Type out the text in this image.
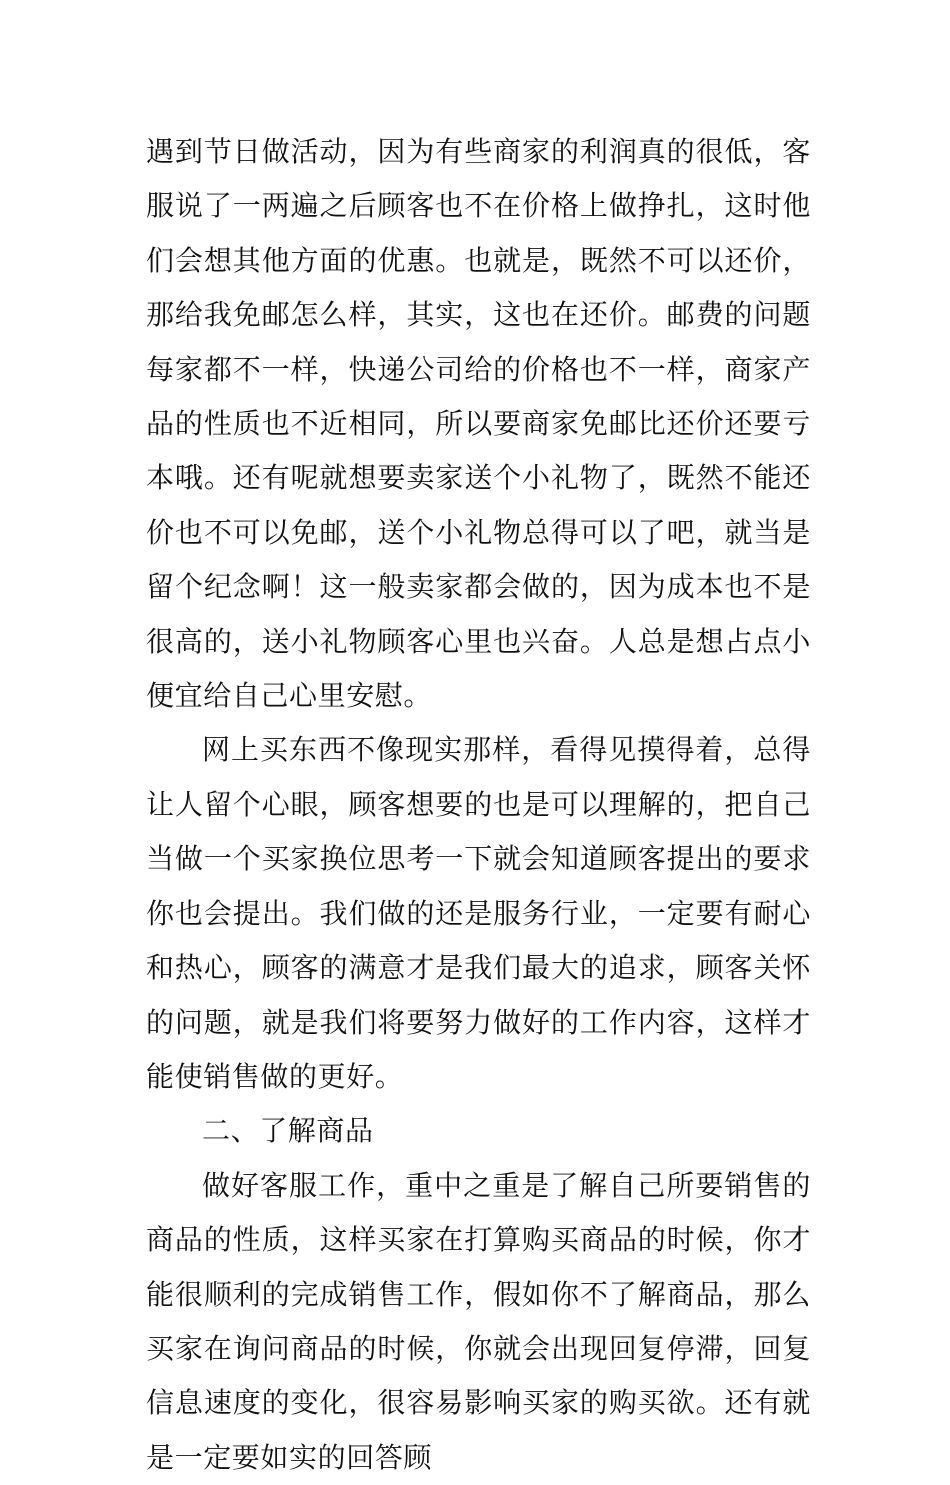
遇到节日做活动，因为有些商家的利润真的很低，客服说了一两遍之后顾客也不在价格上做挣扎，这时他们会想其他方面的优惠。也就是，既然不可以还价，那给我免邮怎么样，其实，这也在还价。邮费的问题每家都不一样，快递公司给的价格也不一样，商家产品的性质也不近相同，所以要商家免邮比还价还要亏本哦。还有呢就想要卖家送个小礼物了，既然不能还价也不可以免邮，送个小礼物总得可以了吧，就当是留个纪念啊！这一般卖家都会做的，因为成本也不是很高的，送小礼物顾客心里也兴奋。人总是想占点小便宜给自己心里安慰。

网上买东西不像现实那样，看得见摸得着，总得让人留个心眼，顾客想要的也是可以理解的，把自己当做一个买家换位思考一下就会知道顾客提出的要求你也会提出。我们做的还是服务行业，一定要有耐心和热心，顾客的满意才是我们最大的追求，顾客关怀的问题，就是我们将要努力做好的工作内容，这样才能使销售做的更好。

二、了解商品

做好客服工作，重中之重是了解自己所要销售的商品的性质，这样买家在打算购买商品的时候，你才能很顺利的完成销售工作，假如你不了解商品，那么买家在询问商品的时候，你就会出现回复停滞，回复信息速度的变化，很容易影响买家的购买欲。还有就是一定要如实的回答顾
